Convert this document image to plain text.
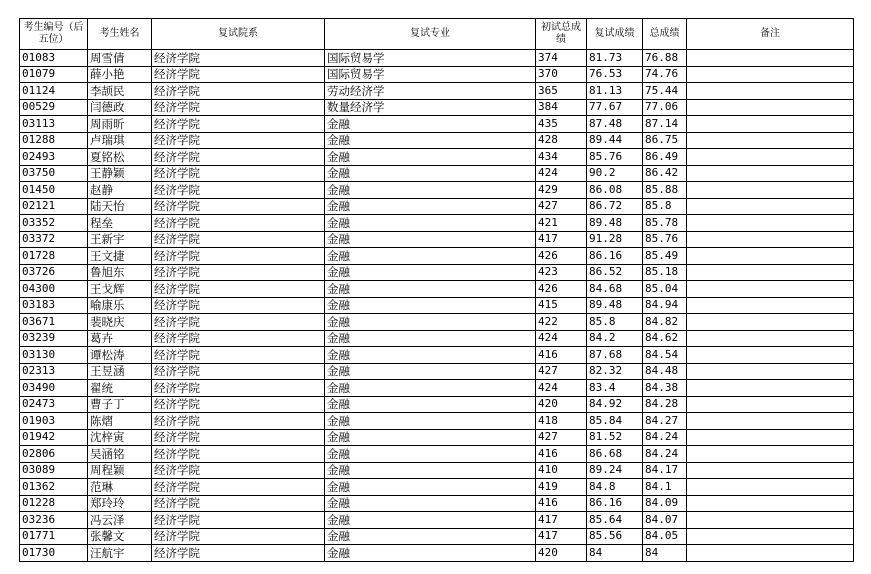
考生编号（后五位）	考生姓名	复试院系	复试专业	初试总成绩	复试成绩	总成绩	备注
01083	周雪倩	经济学院	国际贸易学	374	81.73	76.88	
01079	薛小艳	经济学院	国际贸易学	370	76.53	74.76	
01124	李颉民	经济学院	劳动经济学	365	81.13	75.44	
00529	闫德政	经济学院	数量经济学	384	77.67	77.06	
03113	周雨昕	经济学院	金融	435	87.48	87.14	
01288	卢瑞琪	经济学院	金融	428	89.44	86.75	
02493	夏铭松	经济学院	金融	434	85.76	86.49	
03750	王静颖	经济学院	金融	424	90.2	86.42	
01450	赵静	经济学院	金融	429	86.08	85.88	
02121	陆天怡	经济学院	金融	427	86.72	85.8	
03352	程垒	经济学院	金融	421	89.48	85.78	
03372	王新宇	经济学院	金融	417	91.28	85.76	
01728	王文捷	经济学院	金融	426	86.16	85.49	
03726	鲁旭东	经济学院	金融	423	86.52	85.18	
04300	王戈辉	经济学院	金融	426	84.68	85.04	
03183	喻康乐	经济学院	金融	415	89.48	84.94	
03671	裴晓庆	经济学院	金融	422	85.8	84.82	
03239	葛卉	经济学院	金融	424	84.2	84.62	
03130	谭松涛	经济学院	金融	416	87.68	84.54	
02313	王昱涵	经济学院	金融	427	82.32	84.48	
03490	翟统	经济学院	金融	424	83.4	84.38	
02473	曹子丁	经济学院	金融	420	84.92	84.28	
01903	陈熠	经济学院	金融	418	85.84	84.27	
01942	沈梓寅	经济学院	金融	427	81.52	84.24	
02806	吴涵铭	经济学院	金融	416	86.68	84.24	
03089	周程颖	经济学院	金融	410	89.24	84.17	
01362	范琳	经济学院	金融	419	84.8	84.1	
01228	郑玲玲	经济学院	金融	416	86.16	84.09	
03236	冯云泽	经济学院	金融	417	85.64	84.07	
01771	张馨文	经济学院	金融	417	85.56	84.05	
01730	汪航宇	经济学院	金融	420	84	84	
